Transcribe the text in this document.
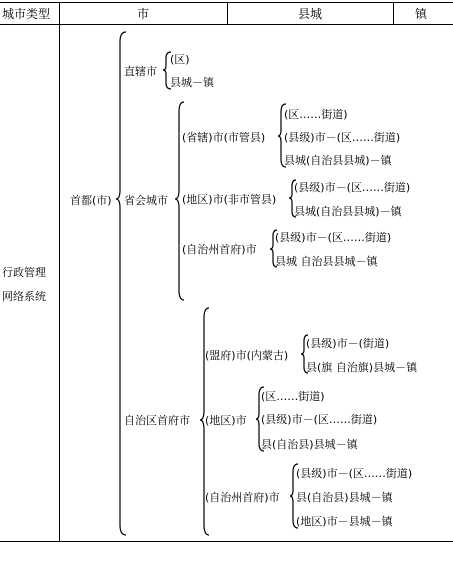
城市类型	市	县城	镇
行政管理
网络系统
首都(市)
直辖市
(区)
县城－镇
省会城市
(省辖)市(市管县)
(区……街道)
(县级)市－(区……街道)
县城(自治县县城)－镇
(地区)市(非市管县)
(县级)市－(区……街道)
县城(自治县县城)－镇
(自治州首府)市
(县级)市－(区……街道)
县城 自治县县城－镇
自治区首府市
(盟府)市(内蒙古)
(县级)市－(街道)
县(旗 自治旗)县城－镇
(地区)市
(区……街道)
(县级)市－(区……街道)
县(自治县)县城－镇
(自治州首府)市
(县级)市－(区……街道)
县(自治县)县城－镇
(地区)市－县城－镇
